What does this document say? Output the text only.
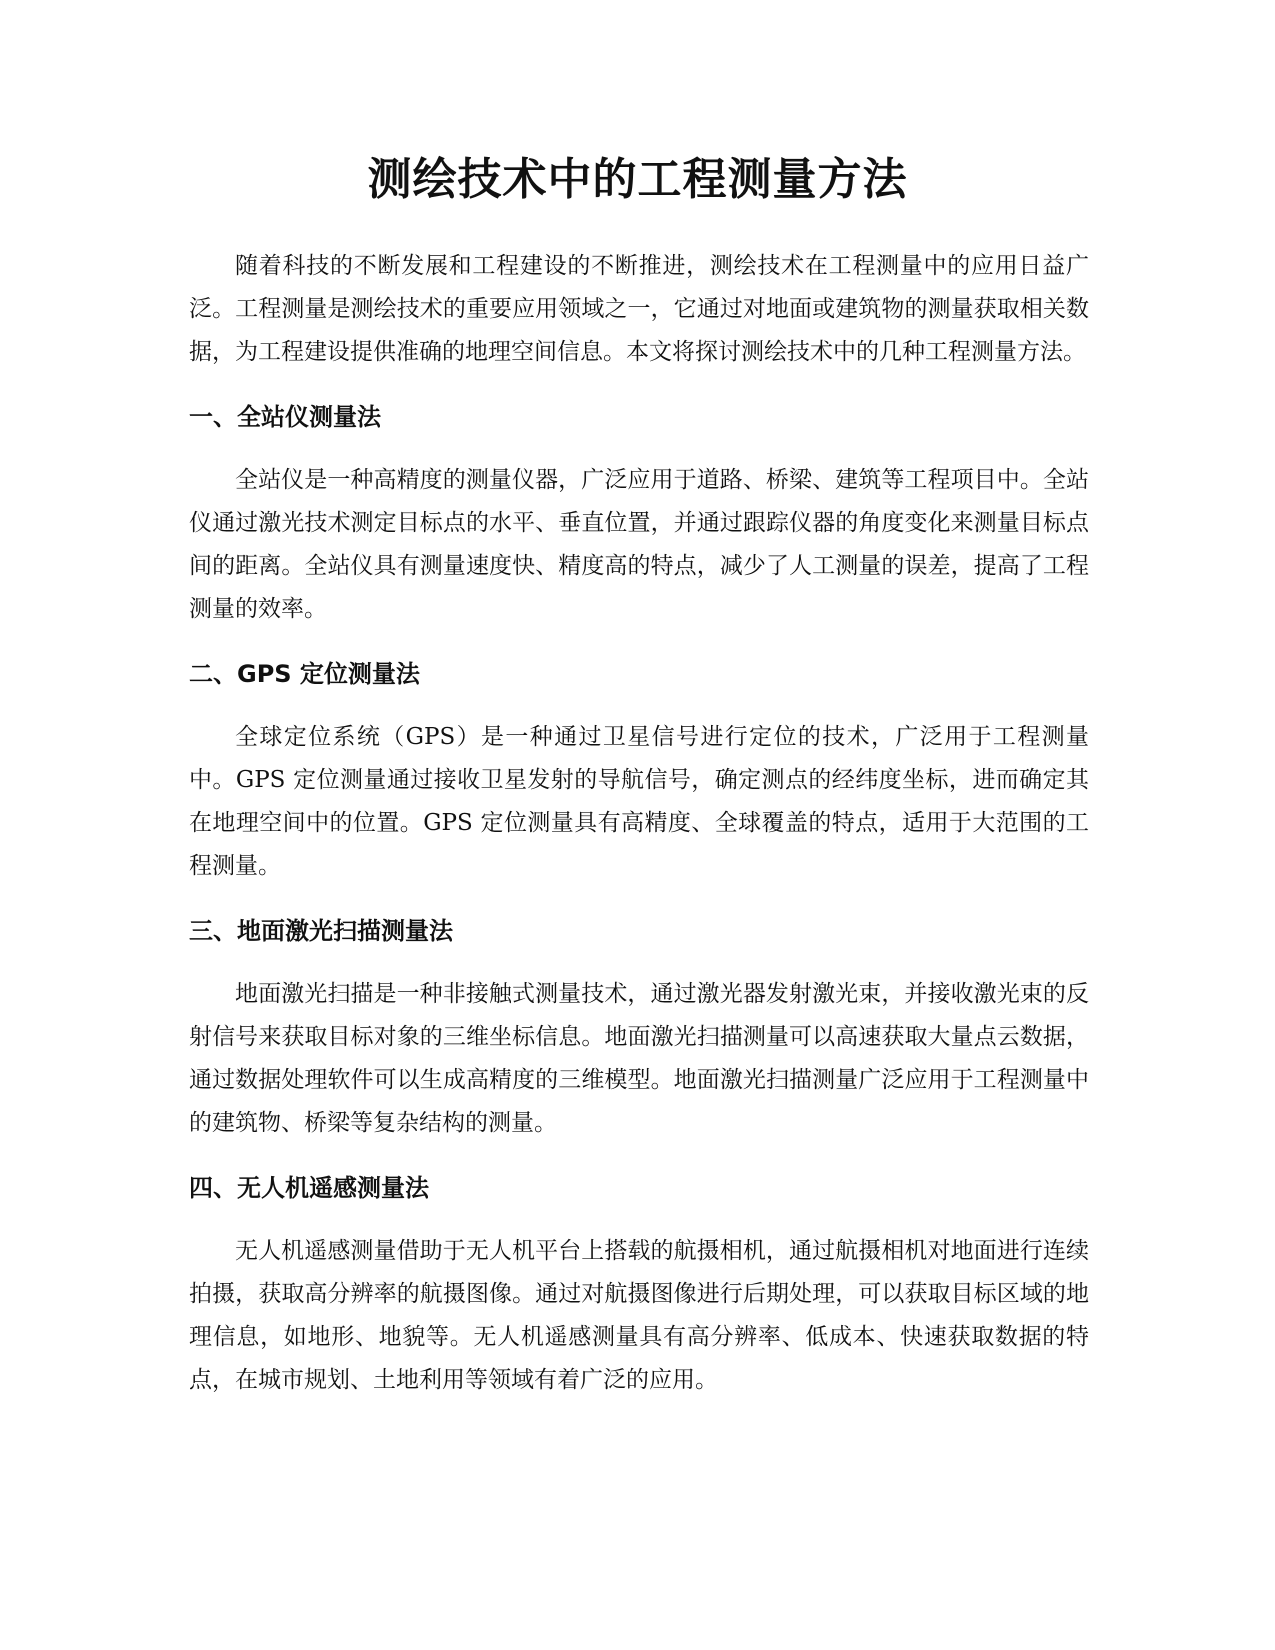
测绘技术中的工程测量方法

随着科技的不断发展和工程建设的不断推进，测绘技术在工程测量中的应用日益广泛。工程测量是测绘技术的重要应用领域之一，它通过对地面或建筑物的测量获取相关数据，为工程建设提供准确的地理空间信息。本文将探讨测绘技术中的几种工程测量方法。

一、全站仪测量法

全站仪是一种高精度的测量仪器，广泛应用于道路、桥梁、建筑等工程项目中。全站仪通过激光技术测定目标点的水平、垂直位置，并通过跟踪仪器的角度变化来测量目标点间的距离。全站仪具有测量速度快、精度高的特点，减少了人工测量的误差，提高了工程测量的效率。

二、GPS 定位测量法

全球定位系统（GPS）是一种通过卫星信号进行定位的技术，广泛用于工程测量中。GPS 定位测量通过接收卫星发射的导航信号，确定测点的经纬度坐标，进而确定其在地理空间中的位置。GPS 定位测量具有高精度、全球覆盖的特点，适用于大范围的工程测量。

三、地面激光扫描测量法

地面激光扫描是一种非接触式测量技术，通过激光器发射激光束，并接收激光束的反射信号来获取目标对象的三维坐标信息。地面激光扫描测量可以高速获取大量点云数据，通过数据处理软件可以生成高精度的三维模型。地面激光扫描测量广泛应用于工程测量中的建筑物、桥梁等复杂结构的测量。

四、无人机遥感测量法

无人机遥感测量借助于无人机平台上搭载的航摄相机，通过航摄相机对地面进行连续拍摄，获取高分辨率的航摄图像。通过对航摄图像进行后期处理，可以获取目标区域的地理信息，如地形、地貌等。无人机遥感测量具有高分辨率、低成本、快速获取数据的特点，在城市规划、土地利用等领域有着广泛的应用。
